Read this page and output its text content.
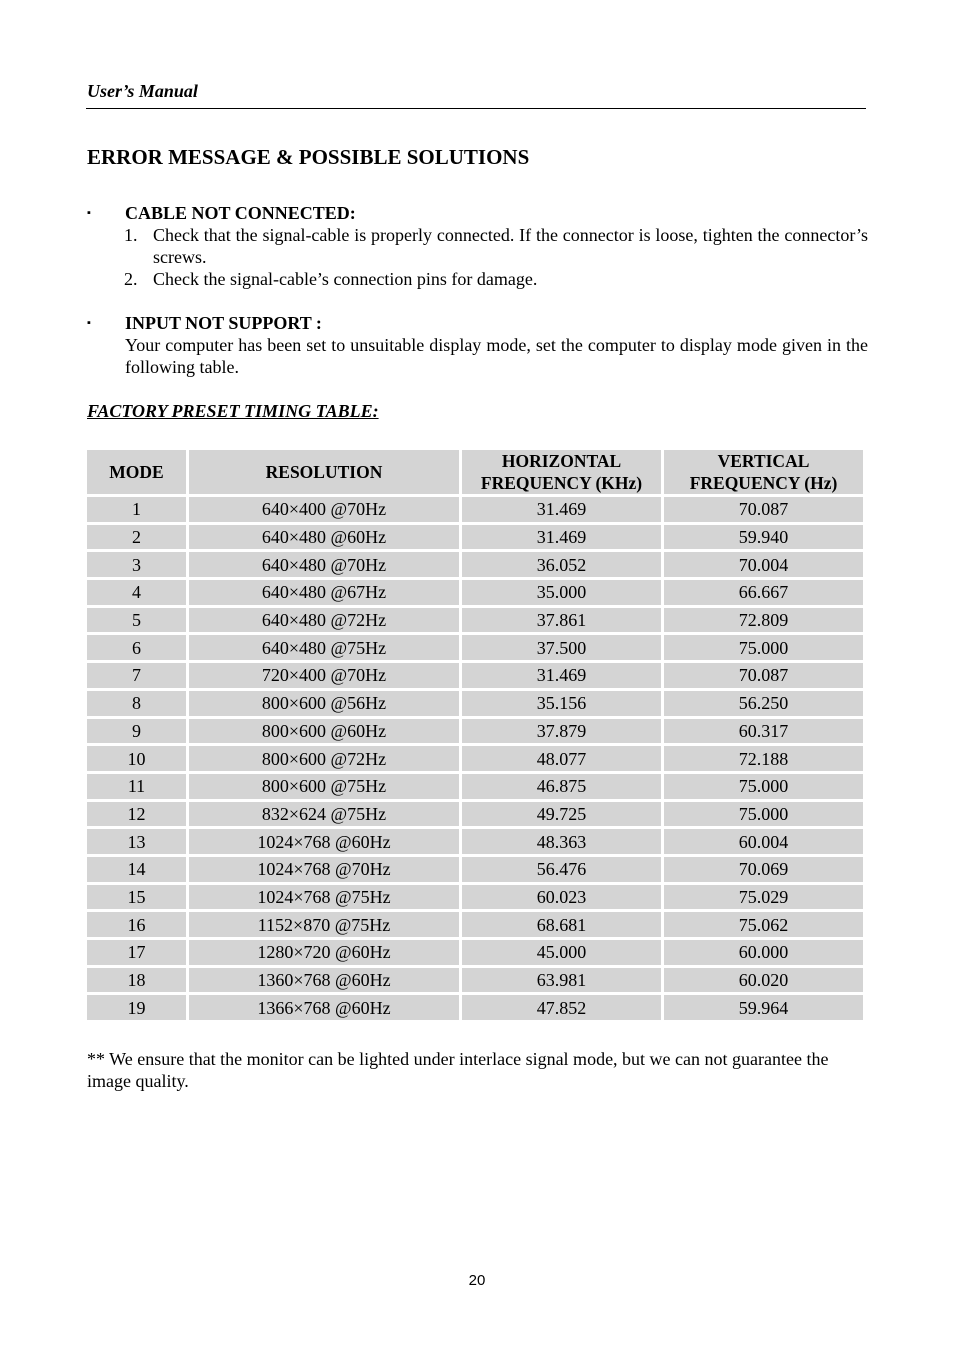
User’s Manual
ERROR MESSAGE & POSSIBLE SOLUTIONS
▪ CABLE NOT CONNECTED:
1. Check that the signal-cable is properly connected. If the connector is loose, tighten the connector’s screws.
2. Check the signal-cable’s connection pins for damage.
▪ INPUT NOT SUPPORT :
Your computer has been set to unsuitable display mode, set the computer to display mode given in the following table.
FACTORY PRESET TIMING TABLE:
MODE	RESOLUTION	HORIZONTAL FREQUENCY (KHz)	VERTICAL FREQUENCY (Hz)
1	640×400 @70Hz	31.469	70.087
2	640×480 @60Hz	31.469	59.940
3	640×480 @70Hz	36.052	70.004
4	640×480 @67Hz	35.000	66.667
5	640×480 @72Hz	37.861	72.809
6	640×480 @75Hz	37.500	75.000
7	720×400 @70Hz	31.469	70.087
8	800×600 @56Hz	35.156	56.250
9	800×600 @60Hz	37.879	60.317
10	800×600 @72Hz	48.077	72.188
11	800×600 @75Hz	46.875	75.000
12	832×624 @75Hz	49.725	75.000
13	1024×768 @60Hz	48.363	60.004
14	1024×768 @70Hz	56.476	70.069
15	1024×768 @75Hz	60.023	75.029
16	1152×870 @75Hz	68.681	75.062
17	1280×720 @60Hz	45.000	60.000
18	1360×768 @60Hz	63.981	60.020
19	1366×768 @60Hz	47.852	59.964
** We ensure that the monitor can be lighted under interlace signal mode, but we can not guarantee the image quality.
20
